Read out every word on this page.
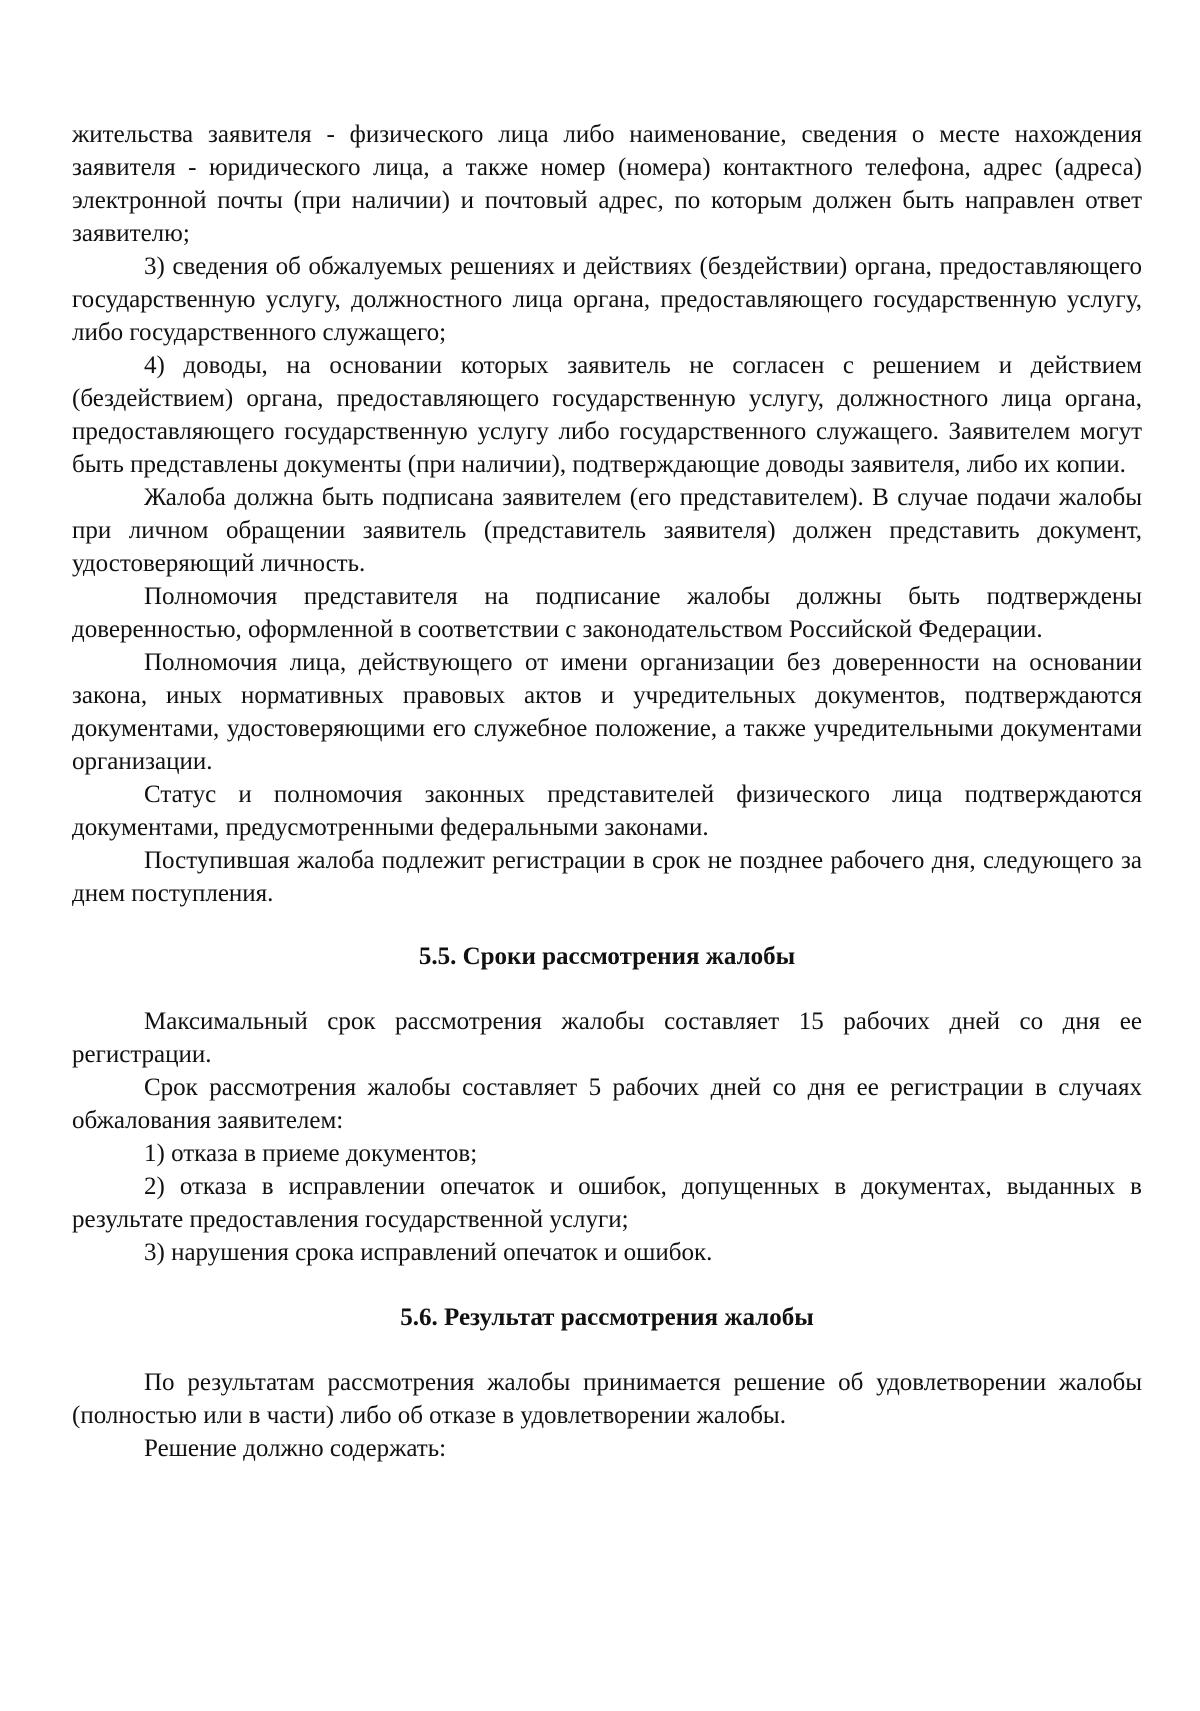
жительства заявителя - физического лица либо наименование, сведения о месте нахождения заявителя - юридического лица, а также номер (номера) контактного телефона, адрес (адреса) электронной почты (при наличии) и почтовый адрес, по которым должен быть направлен ответ заявителю;

3) сведения об обжалуемых решениях и действиях (бездействии) органа, предоставляющего государственную услугу, должностного лица органа, предоставляющего государственную услугу, либо государственного служащего;

4) доводы, на основании которых заявитель не согласен с решением и действием (бездействием) органа, предоставляющего государственную услугу, должностного лица органа, предоставляющего государственную услугу либо государственного служащего. Заявителем могут быть представлены документы (при наличии), подтверждающие доводы заявителя, либо их копии.

Жалоба должна быть подписана заявителем (его представителем). В случае подачи жалобы при личном обращении заявитель (представитель заявителя) должен представить документ, удостоверяющий личность.

Полномочия представителя на подписание жалобы должны быть подтверждены доверенностью, оформленной в соответствии с законодательством Российской Федерации.

Полномочия лица, действующего от имени организации без доверенности на основании закона, иных нормативных правовых актов и учредительных документов, подтверждаются документами, удостоверяющими его служебное положение, а также учредительными документами организации.

Статус и полномочия законных представителей физического лица подтверждаются документами, предусмотренными федеральными законами.

Поступившая жалоба подлежит регистрации в срок не позднее рабочего дня, следующего за днем поступления.

5.5. Сроки рассмотрения жалобы

Максимальный срок рассмотрения жалобы составляет 15 рабочих дней со дня ее регистрации.

Срок рассмотрения жалобы составляет 5 рабочих дней со дня ее регистрации в случаях обжалования заявителем:

1) отказа в приеме документов;

2) отказа в исправлении опечаток и ошибок, допущенных в документах, выданных в результате предоставления государственной услуги;

3) нарушения срока исправлений опечаток и ошибок.

5.6. Результат рассмотрения жалобы

По результатам рассмотрения жалобы принимается решение об удовлетворении жалобы (полностью или в части) либо об отказе в удовлетворении жалобы.

Решение должно содержать:
